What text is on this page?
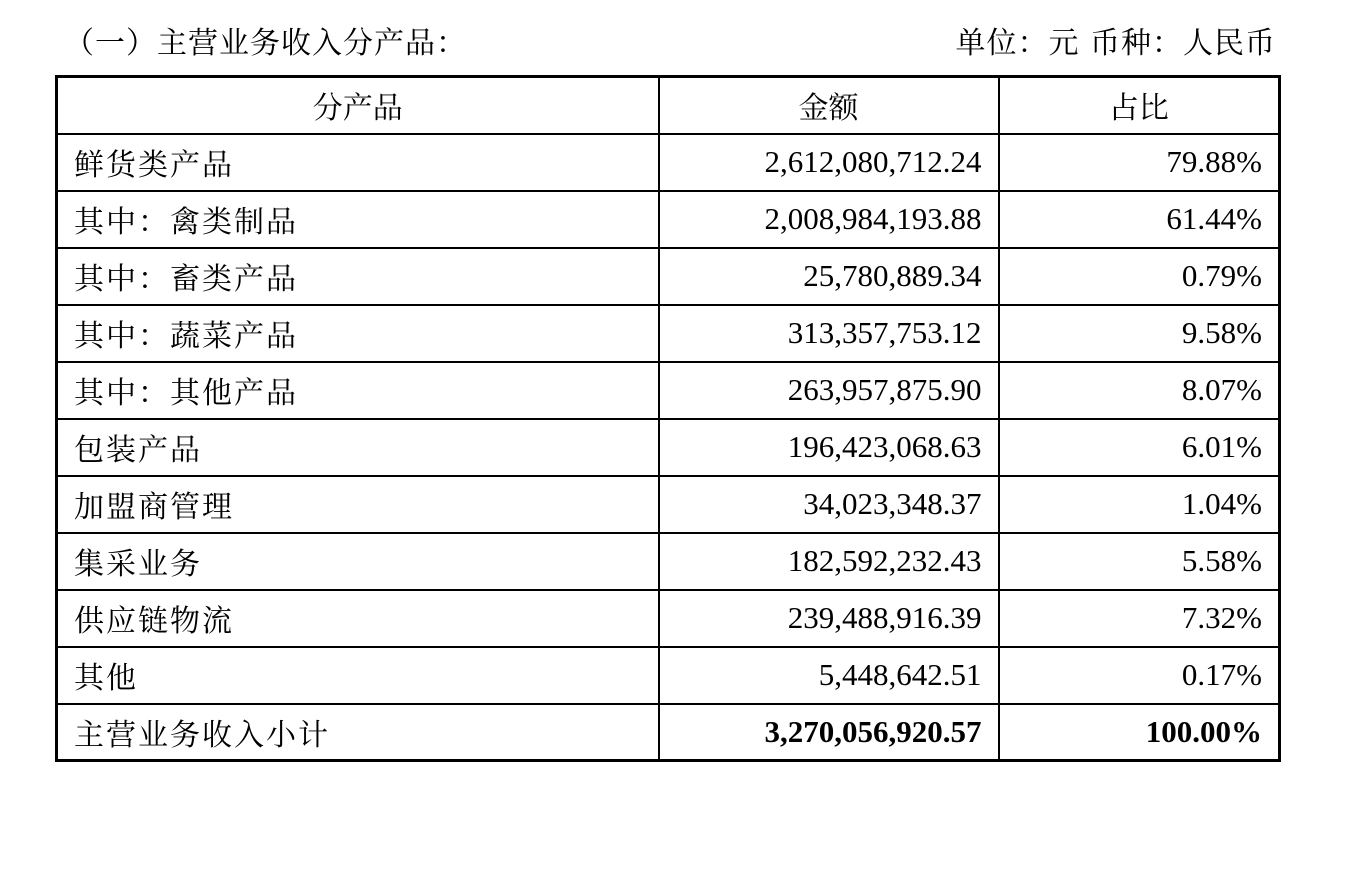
（一）主营业务收入分产品：	单位：元 币种：人民币
分产品	金额	占比
鲜货类产品	2,612,080,712.24	79.88%
其中：禽类制品	2,008,984,193.88	61.44%
其中：畜类产品	25,780,889.34	0.79%
其中：蔬菜产品	313,357,753.12	9.58%
其中：其他产品	263,957,875.90	8.07%
包装产品	196,423,068.63	6.01%
加盟商管理	34,023,348.37	1.04%
集采业务	182,592,232.43	5.58%
供应链物流	239,488,916.39	7.32%
其他	5,448,642.51	0.17%
主营业务收入小计	3,270,056,920.57	100.00%
